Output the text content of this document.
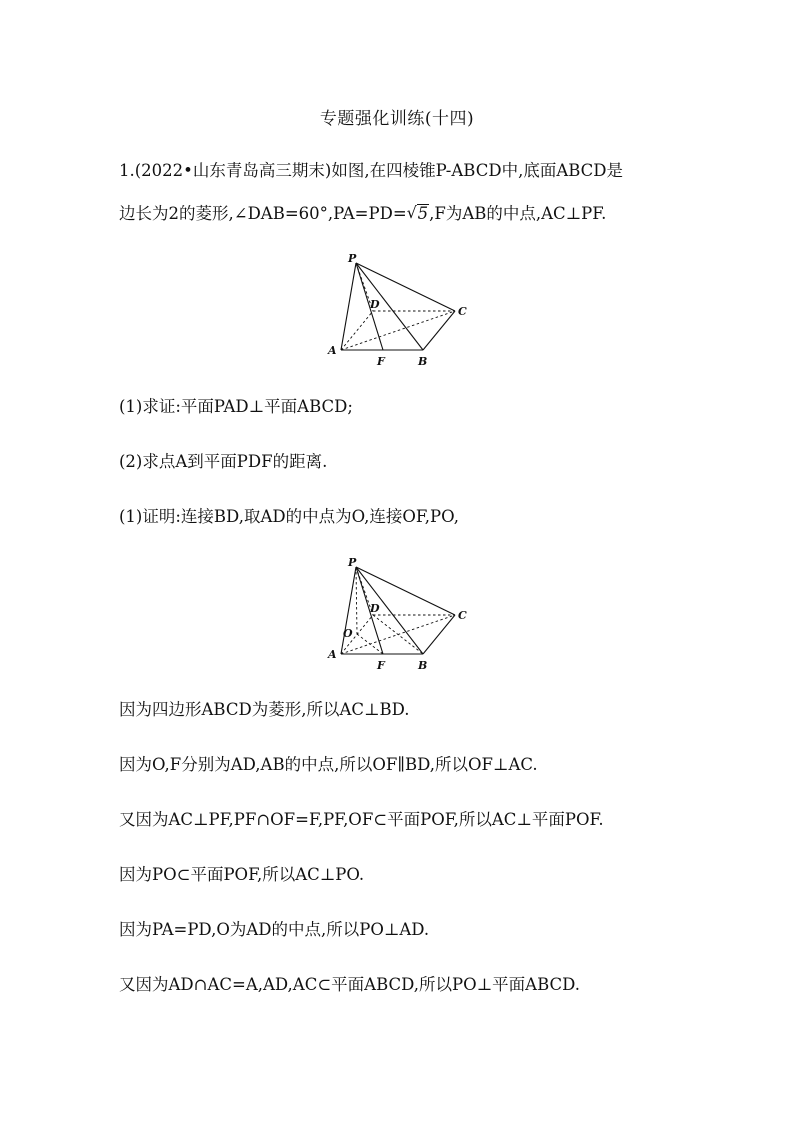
专题强化训练(十四)
1.(2022•山东青岛高三期末)如图,在四棱锥P-ABCD中,底面ABCD是
边长为2的菱形,∠DAB=60°,PA=PD= √ 5,F为AB的中点,AC⊥PF.
P
D
C
A
F	B
(1)求证:平面PAD⊥平面ABCD;
(2)求点A到平面PDF的距离.
(1)证明:连接BD,取AD的中点为O,连接OF,PO,
P
D
C
O
A
F	B
因为四边形ABCD为菱形,所以AC⊥BD.
因为O,F分别为AD,AB的中点,所以OF∥BD,所以OF⊥AC.
又因为AC⊥PF,PF∩OF=F,PF,OF⊂平面POF,所以AC⊥平面POF.
因为PO⊂平面POF,所以AC⊥PO.
因为PA=PD,O为AD的中点,所以PO⊥AD.
又因为AD∩AC=A,AD,AC⊂平面ABCD,所以PO⊥平面ABCD.
